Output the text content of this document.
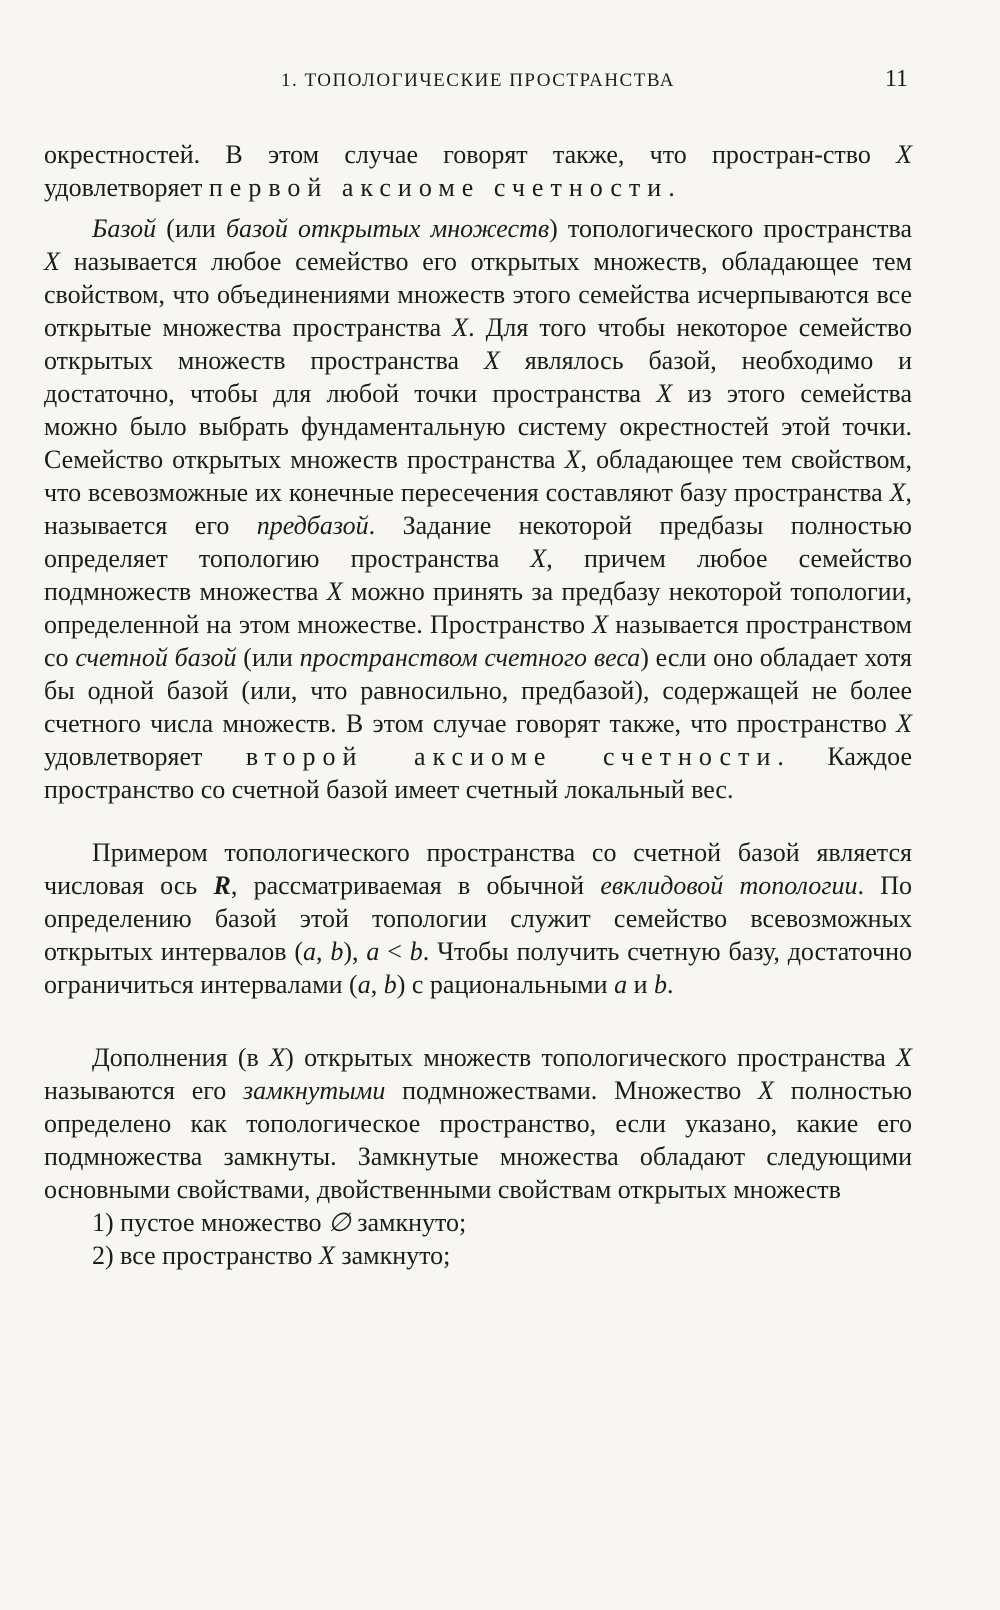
1. ТОПОЛОГИЧЕСКИЕ ПРОСТРАНСТВА	11

окрестностей. В этом случае говорят также, что простран-ство X удовлетворяет первой аксиоме счетности.

Базой (или базой открытых множеств) топологического пространства X называется любое семейство его открытых множеств, обладающее тем свойством, что объединениями множеств этого семейства исчерпываются все открытые множества пространства X. Для того чтобы некоторое семейство открытых множеств пространства X являлось базой, необходимо и достаточно, чтобы для любой точки пространства X из этого семейства можно было выбрать фундаментальную систему окрестностей этой точки. Семейство открытых множеств пространства X, обладающее тем свойством, что всевозможные их конечные пересечения составляют базу пространства X, называется его предбазой. Задание некоторой предбазы полностью определяет топологию пространства X, причем любое семейство подмножеств множества X можно принять за предбазу некоторой топологии, определенной на этом множестве. Пространство X называется пространством со счетной базой (или пространством счетного веса) если оно обладает хотя бы одной базой (или, что равносильно, предбазой), содержащей не более счетного числа множеств. В этом случае говорят также, что пространство X удовлетворяет второй аксиоме счетности. Каждое пространство со счетной базой имеет счетный локальный вес.

Примером топологического пространства со счетной базой является числовая ось R, рассматриваемая в обычной евклидовой топологии. По определению базой этой топологии служит семейство всевозможных открытых интервалов (a, b), a < b. Чтобы получить счетную базу, достаточно ограничиться интервалами (a, b) с рациональными a и b.

Дополнения (в X) открытых множеств топологического пространства X называются его замкнутыми подмножествами. Множество X полностью определено как топологическое пространство, если указано, какие его подмножества замкнуты. Замкнутые множества обладают следующими основными свойствами, двойственными свойствам открытых множеств

1) пустое множество ∅ замкнуто;

2) все пространство X замкнуто;
